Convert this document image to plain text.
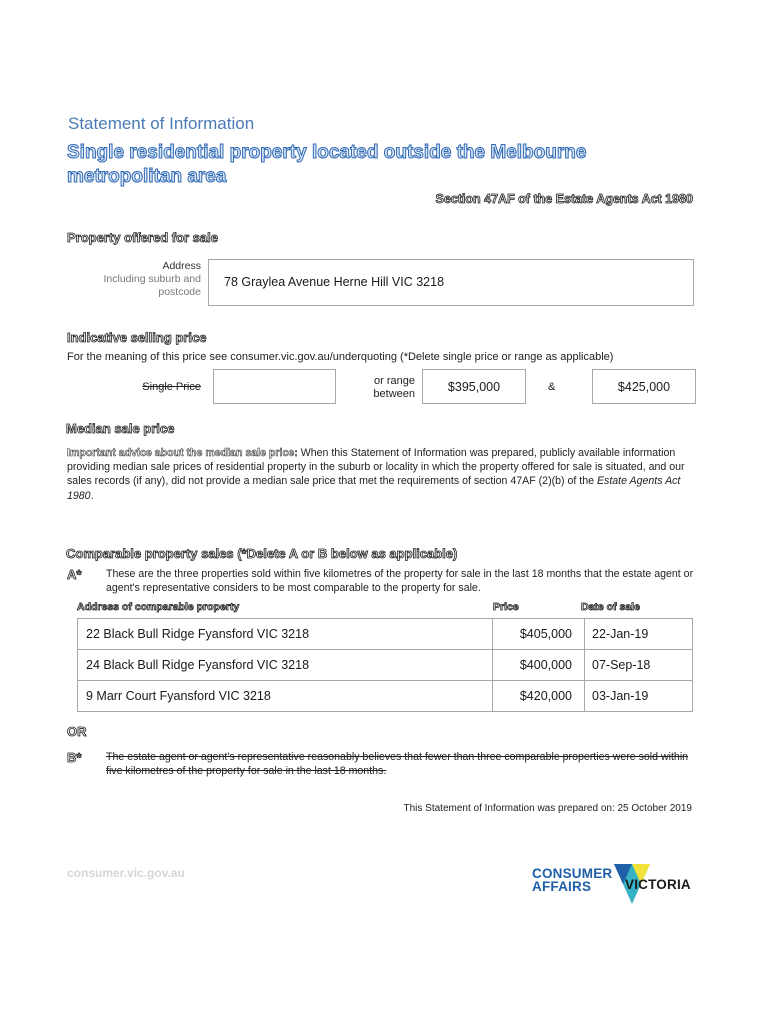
Statement of Information
Single residential property located outside the Melbourne metropolitan area
Section 47AF of the Estate Agents Act 1980
Property offered for sale
Address
Including suburb and
postcode
78 Graylea Avenue Herne Hill VIC 3218
Indicative selling price
For the meaning of this price see consumer.vic.gov.au/underquoting (*Delete single price or range as applicable)
Single Price	or range
between	$395,000	&	$425,000
Median sale price
Important advice about the median sale price: When this Statement of Information was prepared, publicly available information providing median sale prices of residential property in the suburb or locality in which the property offered for sale is situated, and our sales records (if any), did not provide a median sale price that met the requirements of section 47AF (2)(b) of the Estate Agents Act 1980.
Comparable property sales (*Delete A or B below as applicable)
A* These are the three properties sold within five kilometres of the property for sale in the last 18 months that the estate agent or agent's representative considers to be most comparable to the property for sale.
Address of comparable property	Price	Date of sale
22 Black Bull Ridge Fyansford VIC 3218	$405,000	22-Jan-19
24 Black Bull Ridge Fyansford VIC 3218	$400,000	07-Sep-18
9 Marr Court Fyansford VIC 3218	$420,000	03-Jan-19
OR
B* The estate agent or agent's representative reasonably believes that fewer than three comparable properties were sold within five kilometres of the property for sale in the last 18 months.
This Statement of Information was prepared on: 25 October 2019
consumer.vic.gov.au	CONSUMER
AFFAIRS	VICTORIA
